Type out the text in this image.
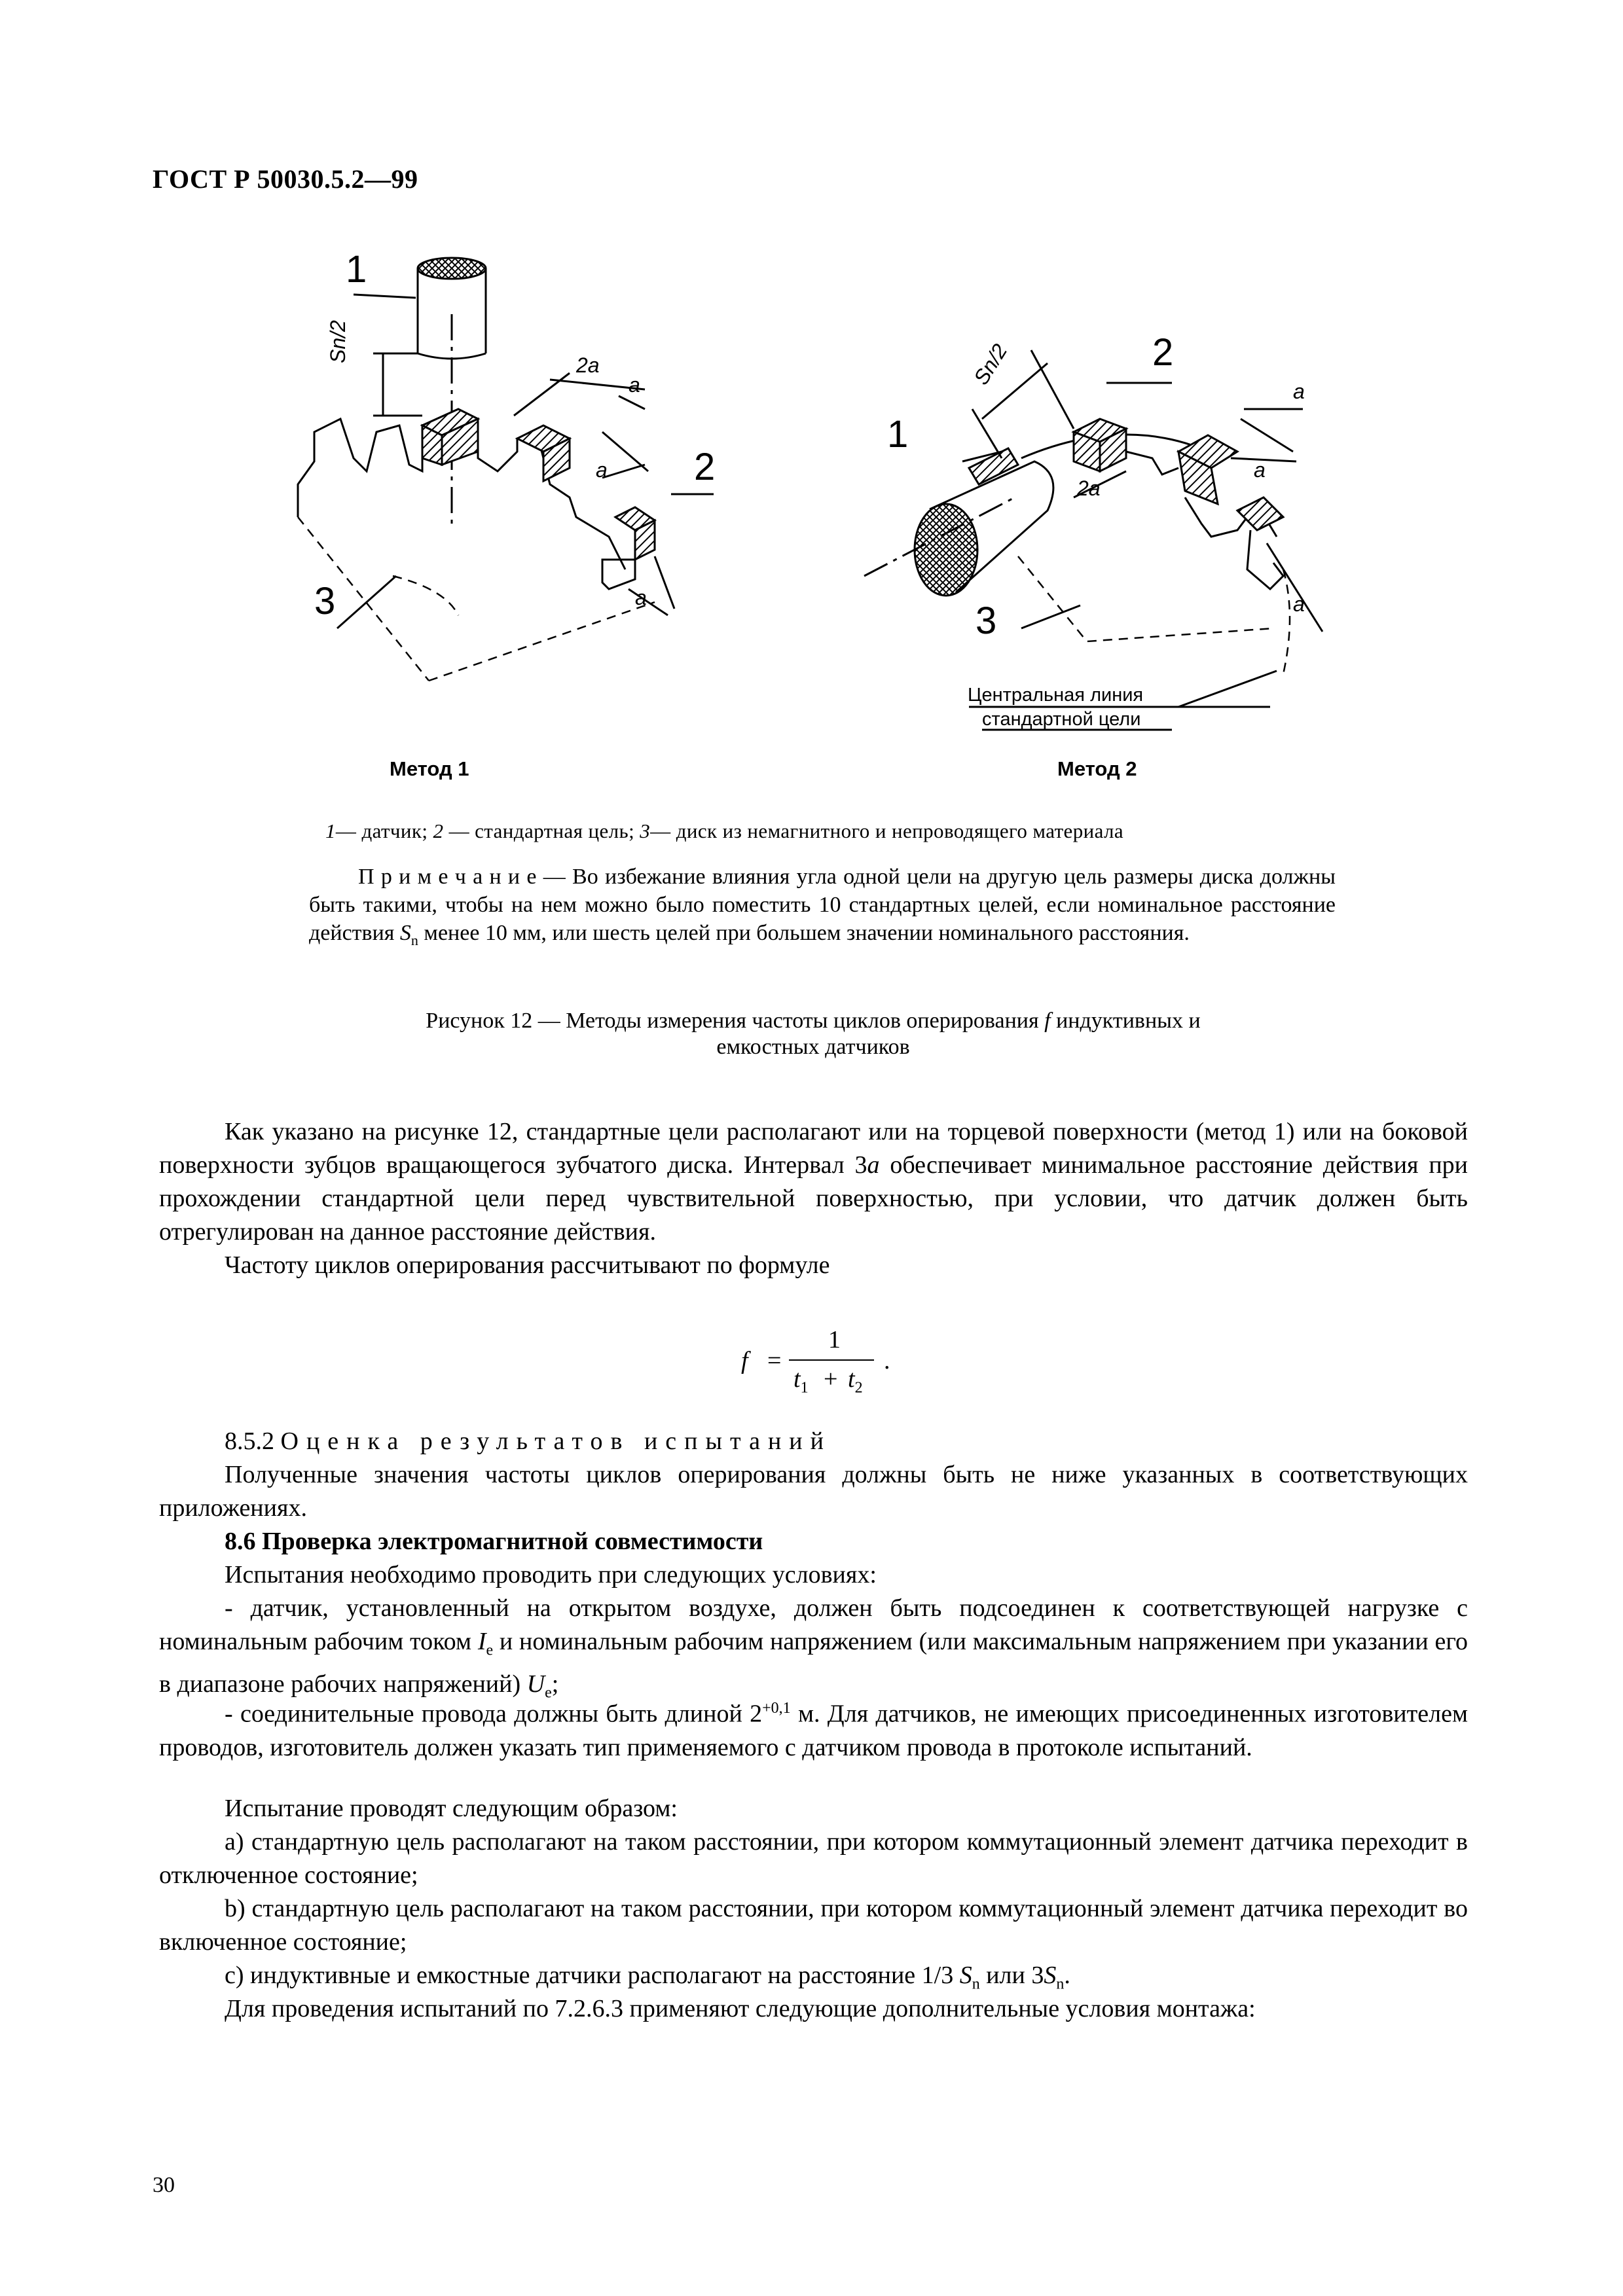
ГОСТ Р 50030.5.2—99
1
2
3
Sn/2
2a
a
a
a
1
2
3
Sn/2
2a
a
a
a
Центральная линия
стандартной цели
Метод 1	Метод 2
1— датчик; 2 — стандартная цель; 3— диск из немагнитного и непроводящего материала
П р и м е ч а н и е — Во избежание влияния угла одной цели на другую цель размеры диска должны быть такими, чтобы на нем можно было поместить 10 стандартных целей, если номинальное расстояние действия $S_n$ менее 10 мм, или шесть целей при большем значении номинального расстояния.
Рисунок 12 — Методы измерения частоты циклов оперирования f индуктивных и
емкостных датчиков
Как указано на рисунке 12, стандартные цели располагают или на торцевой поверхности (метод 1) или на боковой поверхности зубцов вращающегося зубчатого диска. Интервал 3a обеспечивает минимальное расстояние действия при прохождении стандартной цели перед чувствительной поверхностью, при условии, что датчик должен быть отрегулирован на данное расстояние действия.
Частоту циклов оперирования рассчитывают по формуле
f =
1
$t_1 + t_2$
.
8.5.2 Оценка результатов испытаний
Полученные значения частоты циклов оперирования должны быть не ниже указанных в соответствующих приложениях.
8.6 Проверка электромагнитной совместимости
Испытания необходимо проводить при следующих условиях:
- датчик, установленный на открытом воздухе, должен быть подсоединен к соответствующей нагрузке с номинальным рабочим током $I_e$ и номинальным рабочим напряжением (или максимальным напряжением при указании его в диапазоне рабочих напряжений) $U_e$;
- соединительные провода должны быть длиной $2^{+0,1}$ м. Для датчиков, не имеющих присоединенных изготовителем проводов, изготовитель должен указать тип применяемого с датчиком провода в протоколе испытаний.
Испытание проводят следующим образом:
а) стандартную цель располагают на таком расстоянии, при котором коммутационный элемент датчика переходит в отключенное состояние;
b) стандартную цель располагают на таком расстоянии, при котором коммутационный элемент датчика переходит во включенное состояние;
с) индуктивные и емкостные датчики располагают на расстояние 1/3 $S_n$ или $3S_n$.
Для проведения испытаний по 7.2.6.3 применяют следующие дополнительные условия монтажа:
30
